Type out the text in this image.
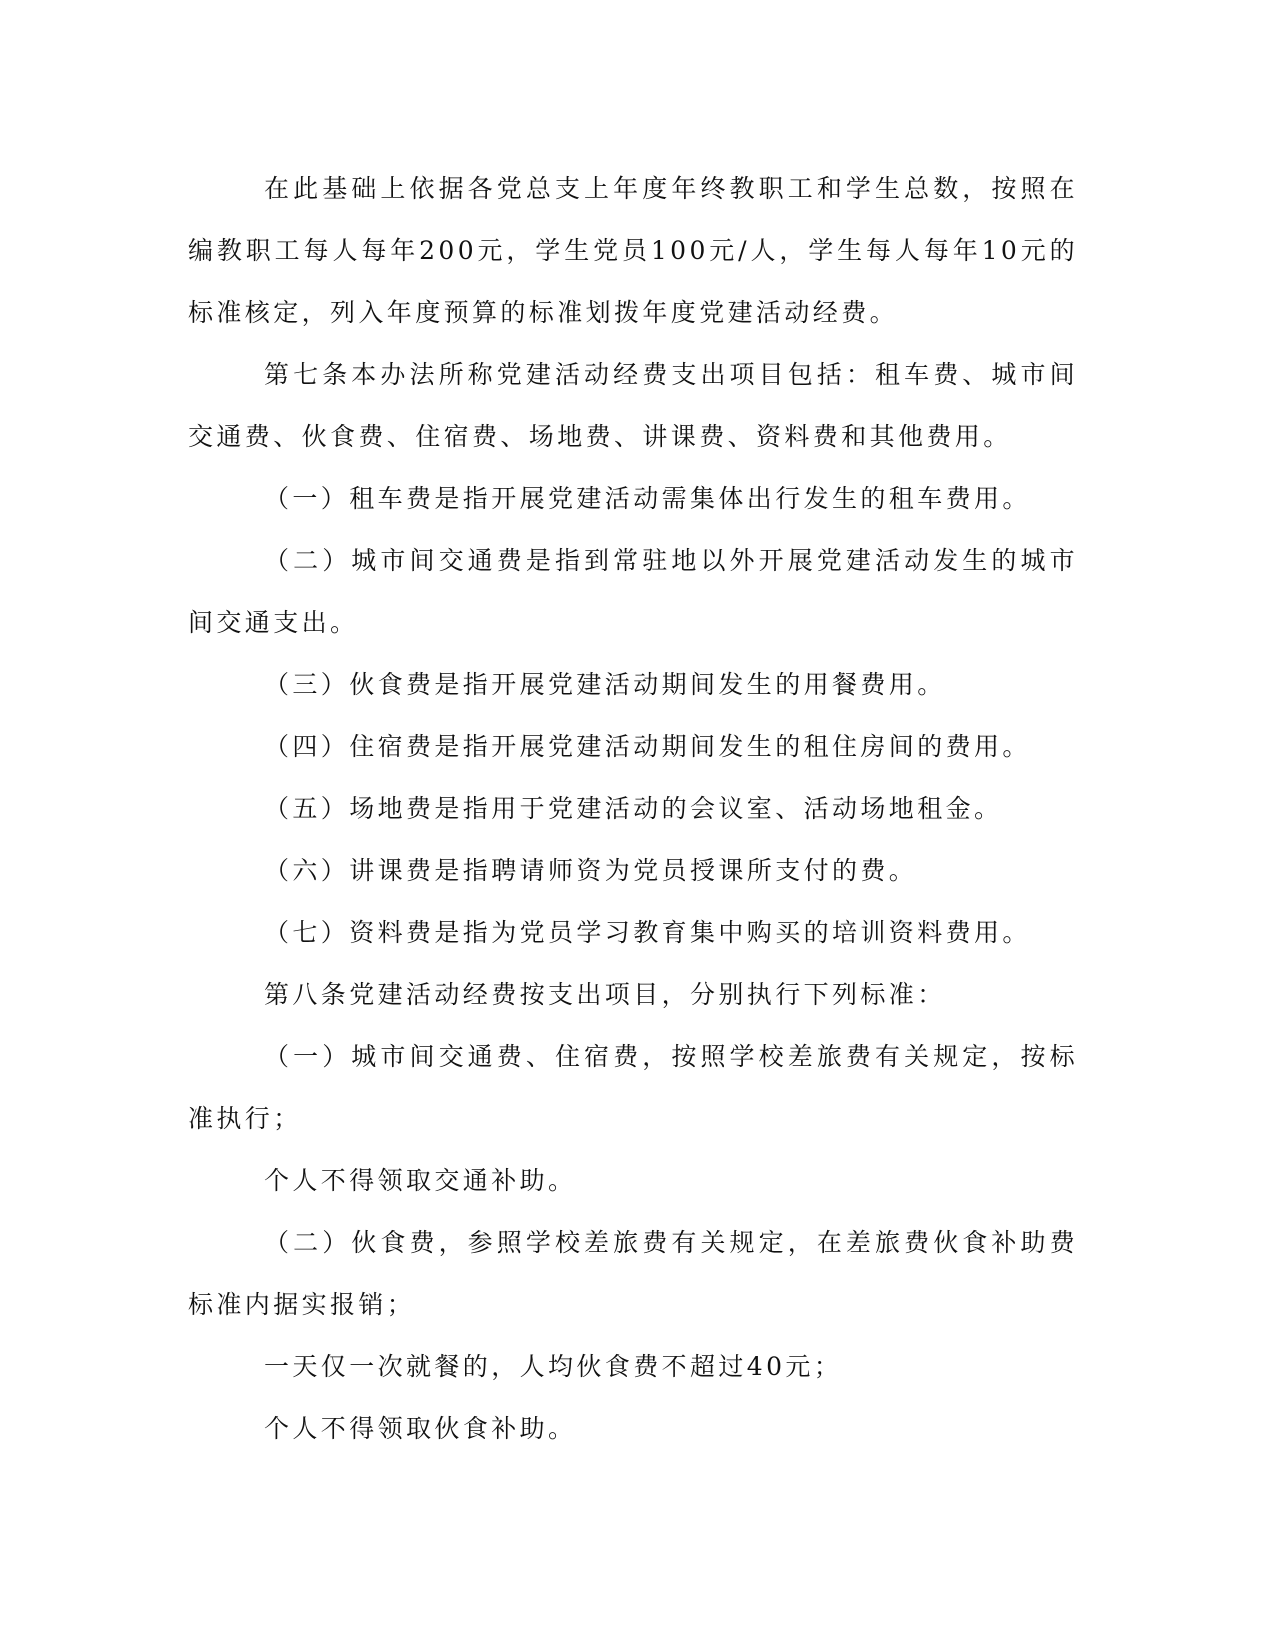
在此基础上依据各党总支上年度年终教职工和学生总数，按照在编教职工每人每年200元，学生党员100元/人，学生每人每年10元的标准核定，列入年度预算的标准划拨年度党建活动经费。

第七条本办法所称党建活动经费支出项目包括：租车费、城市间交通费、伙食费、住宿费、场地费、讲课费、资料费和其他费用。

（一）租车费是指开展党建活动需集体出行发生的租车费用。

（二）城市间交通费是指到常驻地以外开展党建活动发生的城市间交通支出。

（三）伙食费是指开展党建活动期间发生的用餐费用。

（四）住宿费是指开展党建活动期间发生的租住房间的费用。

（五）场地费是指用于党建活动的会议室、活动场地租金。

（六）讲课费是指聘请师资为党员授课所支付的费。

（七）资料费是指为党员学习教育集中购买的培训资料费用。

第八条党建活动经费按支出项目，分别执行下列标准：

（一）城市间交通费、住宿费，按照学校差旅费有关规定，按标准执行；

个人不得领取交通补助。

（二）伙食费，参照学校差旅费有关规定，在差旅费伙食补助费标准内据实报销；

一天仅一次就餐的，人均伙食费不超过40元；

个人不得领取伙食补助。
